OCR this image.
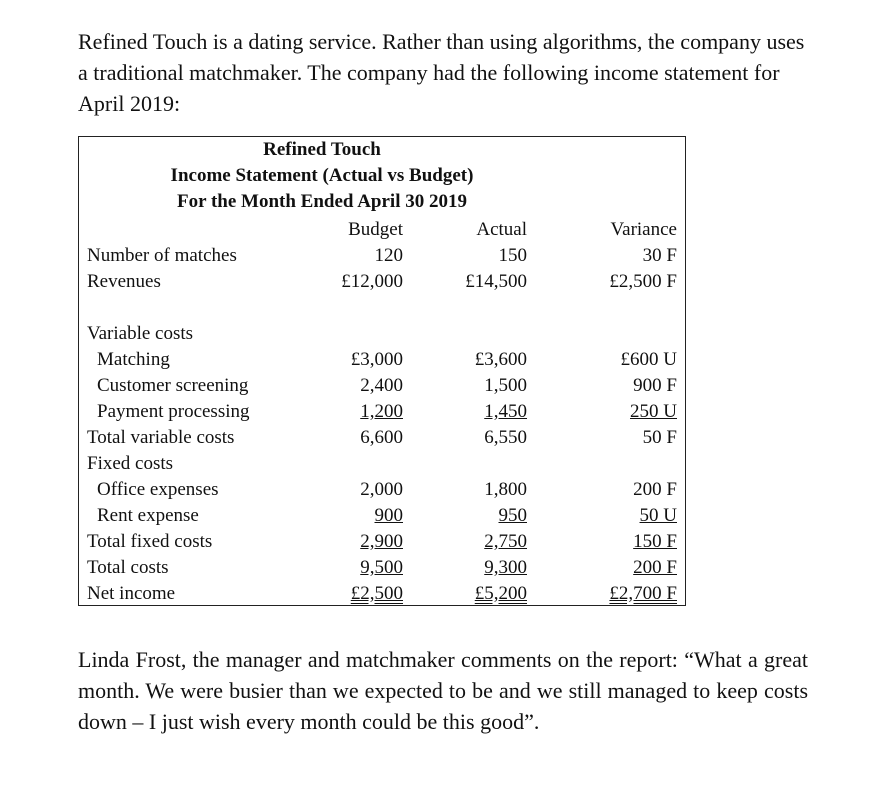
Refined Touch is a dating service. Rather than using algorithms, the company uses a traditional matchmaker. The company had the following income statement for April 2019:

Refined Touch
Income Statement (Actual vs Budget)
For the Month Ended April 30 2019
Budget	Actual	Variance
Number of matches	120	150	30 F
Revenues	£12,000	£14,500	£2,500 F
Variable costs
Matching	£3,000	£3,600	£600 U
Customer screening	2,400	1,500	900 F
Payment processing	1,200	1,450	250 U
Total variable costs	6,600	6,550	50 F
Fixed costs
Office expenses	2,000	1,800	200 F
Rent expense	900	950	50 U
Total fixed costs	2,900	2,750	150 F
Total costs	9,500	9,300	200 F
Net income	£2,500	£5,200	£2,700 F

Linda Frost, the manager and matchmaker comments on the report: “What a great month. We were busier than we expected to be and we still managed to keep costs down – I just wish every month could be this good”.
